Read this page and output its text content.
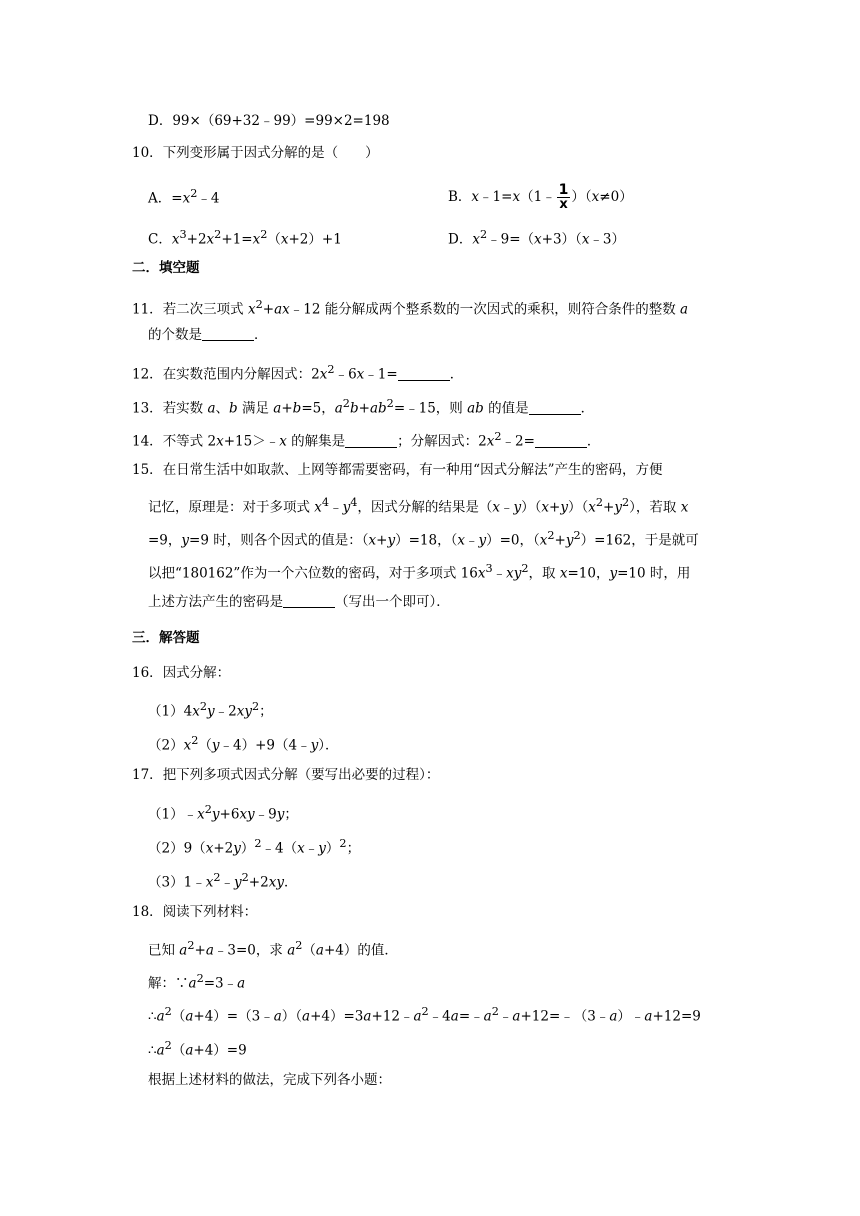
D．99×（69+32﹣99）=99×2=198
10．下列变形属于因式分解的是（　　）
A．$=x^2﹣4$	B．x﹣1=x（1﹣ $\frac{1}{x} )(x\ne 0)$
C．$x^3+2x^2+1=x^2(x+2)+1$	D．$x^2﹣9=(x+3)(x﹣3)$
二．填空题
11．若二次三项式 $x^2+ax﹣12$ 能分解成两个整系数的一次因式的乘积，则符合条件的整数 a
的个数是	．
12．在实数范围内分解因式：$2x^2﹣6x﹣1=$	．
13．若实数 a、b 满足 a+b=5，$a^2b+ab^2=﹣15$，则 ab 的值是	．
14．不等式 2x+15＞﹣x 的解集是	；分解因式：$2x^2﹣2=$	．
15．在日常生活中如取款、上网等都需要密码，有一种用“因式分解法”产生的密码，方便
记忆，原理是：对于多项式 $x^4﹣y^4$，因式分解的结果是$(x﹣y)(x+y)(x^2+y^2)$，若取 x
=9，y=9 时，则各个因式的值是：（x+y）=18，（x﹣y）=0，$(x^2+y^2)=162$，于是就可
以把“180162”作为一个六位数的密码，对于多项式 $16x^3﹣xy^2$，取 x=10，y=10 时，用
上述方法产生的密码是	（写出一个即可）．
三．解答题
16．因式分解：
$(1)4x^2y﹣2xy^2$；
$(2)x^2(y﹣4)+9(4﹣y)$．
17．把下列多项式因式分解（要写出必要的过程）：
$(1)﹣x^2y+6xy﹣9y$；
$(2)9(x+2y)^2﹣4(x﹣y)^2$；
$(3)1﹣x^2﹣y^2+2xy$．
18．阅读下列材料：
已知 $a^2+a﹣3=0$，求 $a^2(a+4)$的值．
解：$\because a^2=3﹣a$
$\therefore a^2(a+4)=(3﹣a)(a+4)=3a+12﹣a^2﹣4a=﹣a^2﹣a+12=﹣(3﹣a)﹣a+12=9$
$\therefore a^2(a+4)=9$
根据上述材料的做法，完成下列各小题：
